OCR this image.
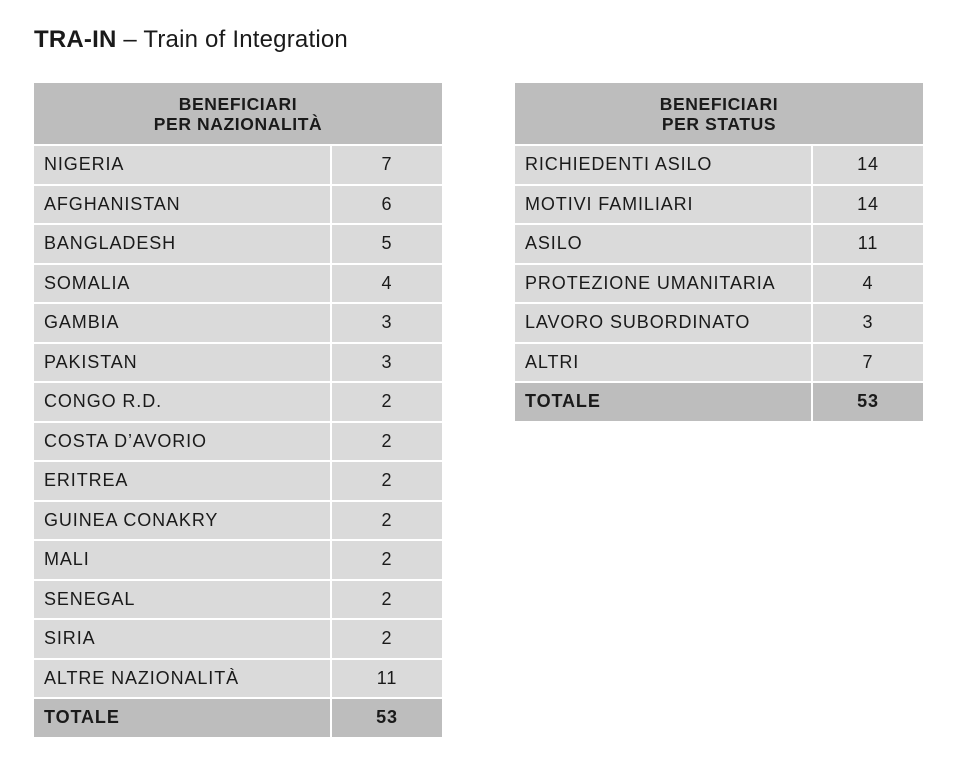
TRA-IN – Train of Integration
BENEFICIARI
PER NAZIONALITÀ	

NIGERIA	7
AFGHANISTAN	6
BANGLADESH	5
SOMALIA	4
GAMBIA	3
PAKISTAN	3
CONGO R.D.	2
COSTA D’AVORIO	2
ERITREA	2
GUINEA CONAKRY	2
MALI	2
SENEGAL	2
SIRIA	2
ALTRE NAZIONALITÀ	11
TOTALE	53
BENEFICIARI
PER STATUS	

RICHIEDENTI ASILO	14
MOTIVI FAMILIARI	14
ASILO	11
PROTEZIONE UMANITARIA	4
LAVORO SUBORDINATO	3
ALTRI	7
TOTALE	53
